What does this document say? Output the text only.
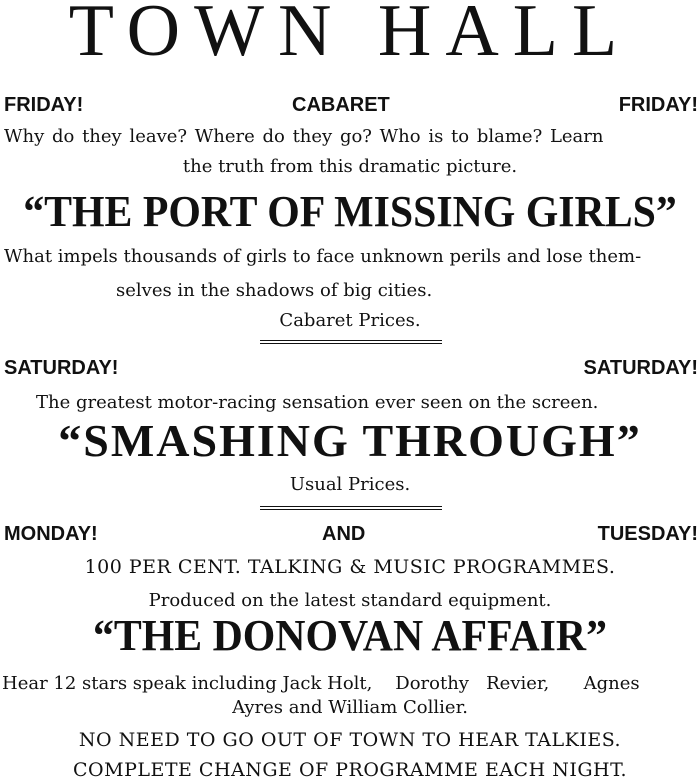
TOWN HALL
FRIDAY!	CABARET	FRIDAY!
Why do they leave? Where do they go? Who is to blame? Learn
the truth from this dramatic picture.
“THE PORT OF MISSING GIRLS”
What impels thousands of girls to face unknown perils and lose them-
selves in the shadows of big cities.
Cabaret Prices.
SATURDAY!	SATURDAY!
The greatest motor-racing sensation ever seen on the screen.
“SMASHING THROUGH”
Usual Prices.
MONDAY!	AND	TUESDAY!
100 PER CENT. TALKING & MUSIC PROGRAMMES.
Produced on the latest standard equipment.
“THE DONOVAN AFFAIR”
Hear 12 stars speak including Jack Holt,    Dorothy   Revier,      Agnes
Ayres and William Collier.
NO NEED TO GO OUT OF TOWN TO HEAR TALKIES.
COMPLETE CHANGE OF PROGRAMME EACH NIGHT.
